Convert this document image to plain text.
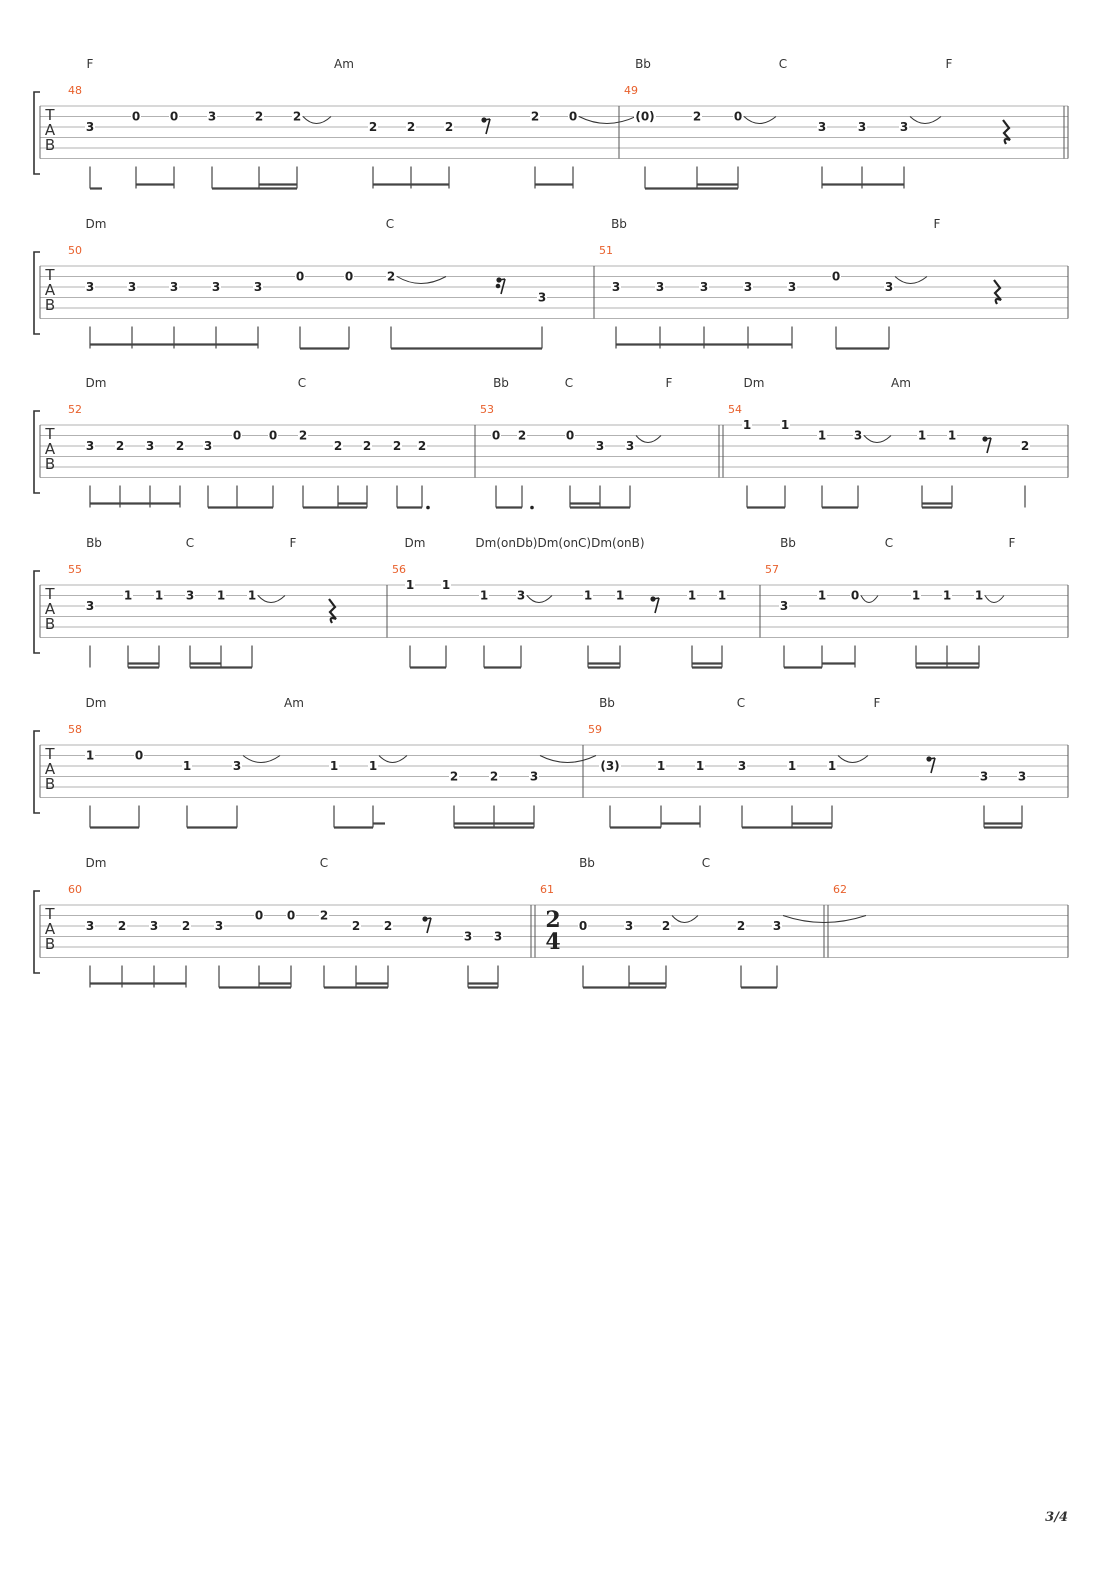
T
A
B
48
F	Am
3
0 0 3	2 2
2 2 2
2 0
49
Bb	C	F
(0)	2	0
3	3	3
T
A
B
50
Dm	C
3	3	3	3	3
0	0	2
3
51
Bb	F
3	3	3	3	3
0
3
T
A
B
52
Dm	C
3 2 3 2 3
0 0 2
2 2 2 2
53
Bb	C	F
0 2	0
3 3
54
Dm	Am
1 1
1 3	1 1
2
T
A
B
55
Bb	C	F
3
1 1 3 1 1
56
Dm	Dm(onDb)Dm(onC)Dm(onB)
1 1
1 3	1 1	1 1
57
Bb	C	F
3
1 0	1 1 1
T
A
B
58
Dm	Am
1	0
1	3	1	1
2	2	3
59
Bb	C	F
(3)	1	1	3	1	1
3 3
T
A
B
60
Dm	C
3 2 3 2 3
0 0 2
2 2
3 3
61
Bb	C
2
4
0	3 2	2 3
62
3/4
